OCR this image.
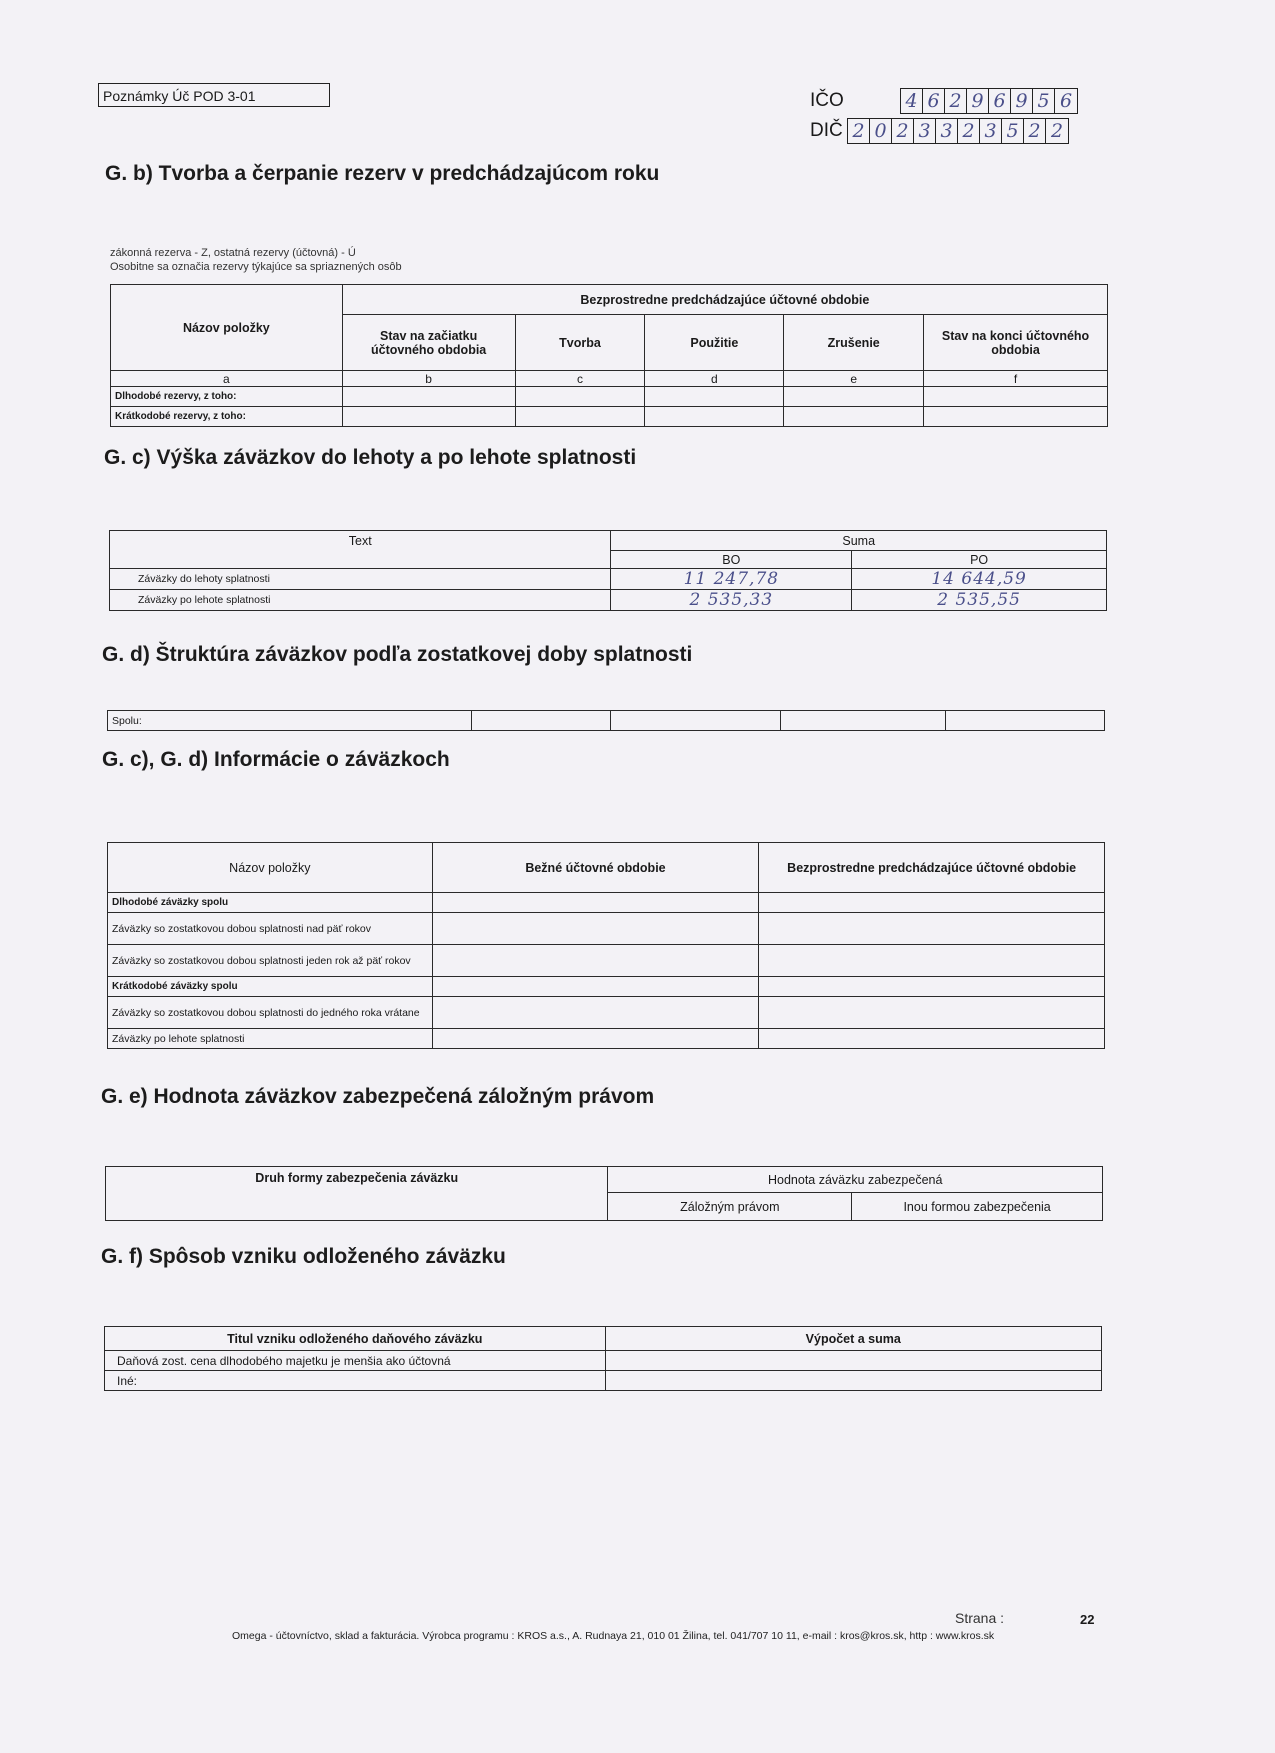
Poznámky Úč POD 3-01	IČO	4 6 2 9 6 9 5 6
DIČ 2 0 2 3 3 2 3 5 2 2
G. b) Tvorba a čerpanie rezerv v predchádzajúcom roku
zákonná rezerva - Z, ostatná rezervy (účtovná) - Ú
Osobitne sa označia rezervy týkajúce sa spriaznených osôb
Názov položky	Bezprostredne predchádzajúce účtovné obdobie				
	Stav na začiatku účtovného obdobia	Tvorba	Použitie	Zrušenie	Stav na konci účtovného obdobia
a	b	c	d	e	f
Dlhodobé rezervy, z toho:					
Krátkodobé rezervy, z toho:					
G. c) Výška záväzkov do lehoty a po lehote splatnosti
Text	Suma	
	BO	PO
Záväzky do lehoty splatnosti	11 247,78	14 644,59
Záväzky po lehote splatnosti	2 535,33	2 535,55
G. d) Štruktúra záväzkov podľa zostatkovej doby splatnosti
Spolu:				
G. c), G. d) Informácie o záväzkoch
Názov položky	Bežné účtovné obdobie	Bezprostredne predchádzajúce účtovné obdobie
Dlhodobé záväzky spolu		
Záväzky so zostatkovou dobou splatnosti nad päť rokov		
Záväzky so zostatkovou dobou splatnosti jeden rok až päť rokov		
Krátkodobé záväzky spolu		
Záväzky so zostatkovou dobou splatnosti do jedného roka vrátane		
Záväzky po lehote splatnosti		
G. e) Hodnota záväzkov zabezpečená záložným právom
Druh formy zabezpečenia záväzku	Hodnota záväzku zabezpečená	
	Záložným právom	Inou formou zabezpečenia
G. f) Spôsob vzniku odloženého záväzku
Titul vzniku odloženého daňového záväzku	Výpočet a suma
Daňová zost. cena dlhodobého majetku je menšia ako účtovná	
Iné:	
Strana :	22
Omega - účtovníctvo, sklad a fakturácia. Výrobca programu : KROS a.s., A. Rudnaya 21, 010 01 Žilina, tel. 041/707 10 11, e-mail : kros@kros.sk, http : www.kros.sk
